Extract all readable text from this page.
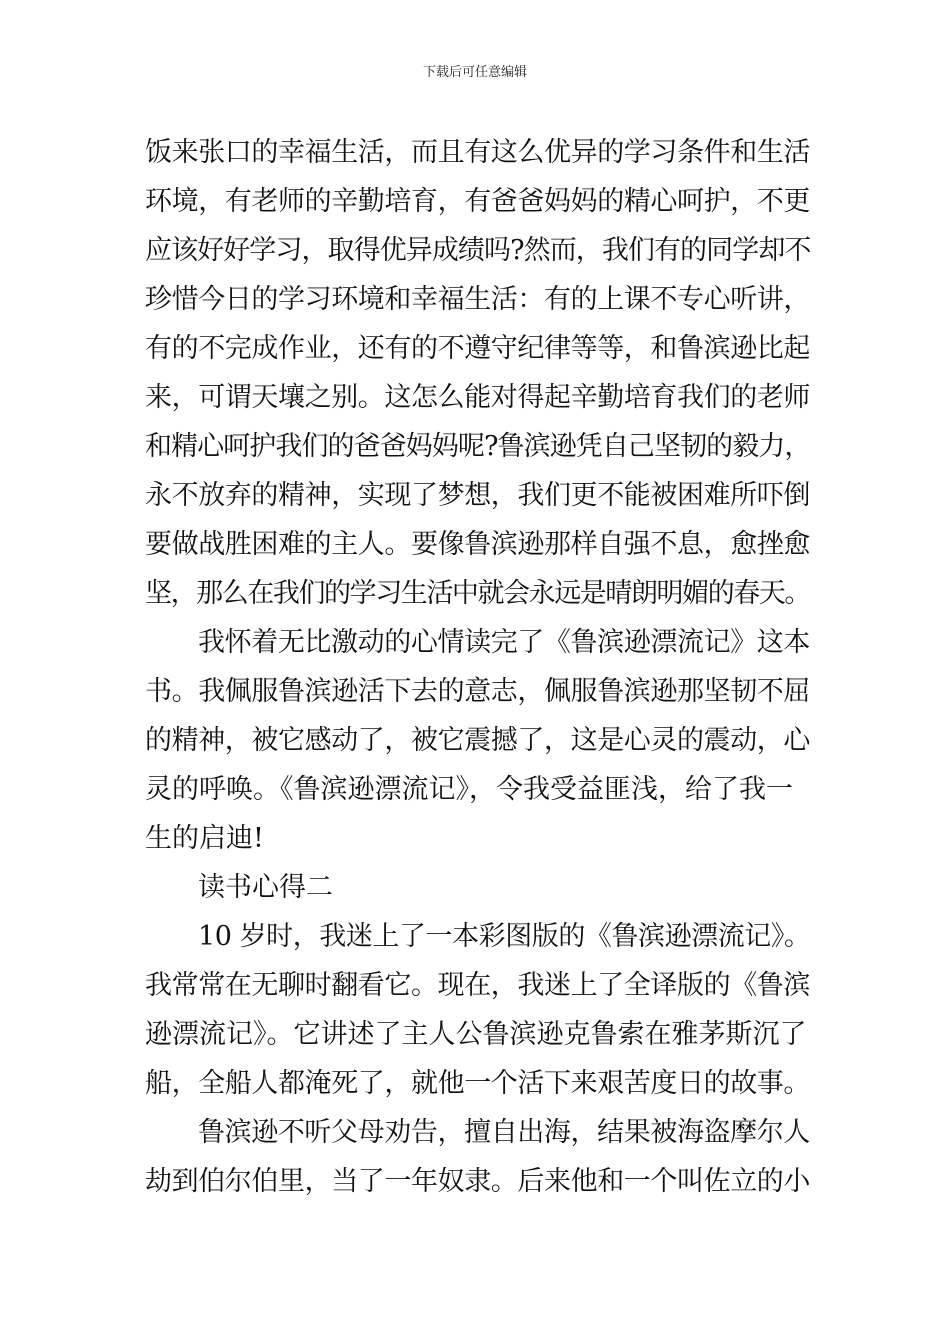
下载后可任意编辑
饭来张口的幸福生活，而且有这么优异的学习条件和生活
环境，有老师的辛勤培育，有爸爸妈妈的精心呵护，不更
应该好好学习，取得优异成绩吗?然而，我们有的同学却不
珍惜今日的学习环境和幸福生活：有的上课不专心听讲，
有的不完成作业，还有的不遵守纪律等等，和鲁滨逊比起
来，可谓天壤之别。这怎么能对得起辛勤培育我们的老师
和精心呵护我们的爸爸妈妈呢?鲁滨逊凭自己坚韧的毅力，
永不放弃的精神，实现了梦想，我们更不能被困难所吓倒
要做战胜困难的主人。要像鲁滨逊那样自强不息，愈挫愈
坚，那么在我们的学习生活中就会永远是晴朗明媚的春天。
我怀着无比激动的心情读完了《鲁滨逊漂流记》这本
书。我佩服鲁滨逊活下去的意志，佩服鲁滨逊那坚韧不屈
的精神，被它感动了，被它震撼了，这是心灵的震动，心
灵的呼唤。《鲁滨逊漂流记》，令我受益匪浅，给了我一
生的启迪!
读书心得二
10 岁时，我迷上了一本彩图版的《鲁滨逊漂流记》。
我常常在无聊时翻看它。现在，我迷上了全译版的《鲁滨
逊漂流记》。它讲述了主人公鲁滨逊克鲁索在雅茅斯沉了
船，全船人都淹死了，就他一个活下来艰苦度日的故事。
鲁滨逊不听父母劝告，擅自出海，结果被海盗摩尔人
劫到伯尔伯里，当了一年奴隶。后来他和一个叫佐立的小
